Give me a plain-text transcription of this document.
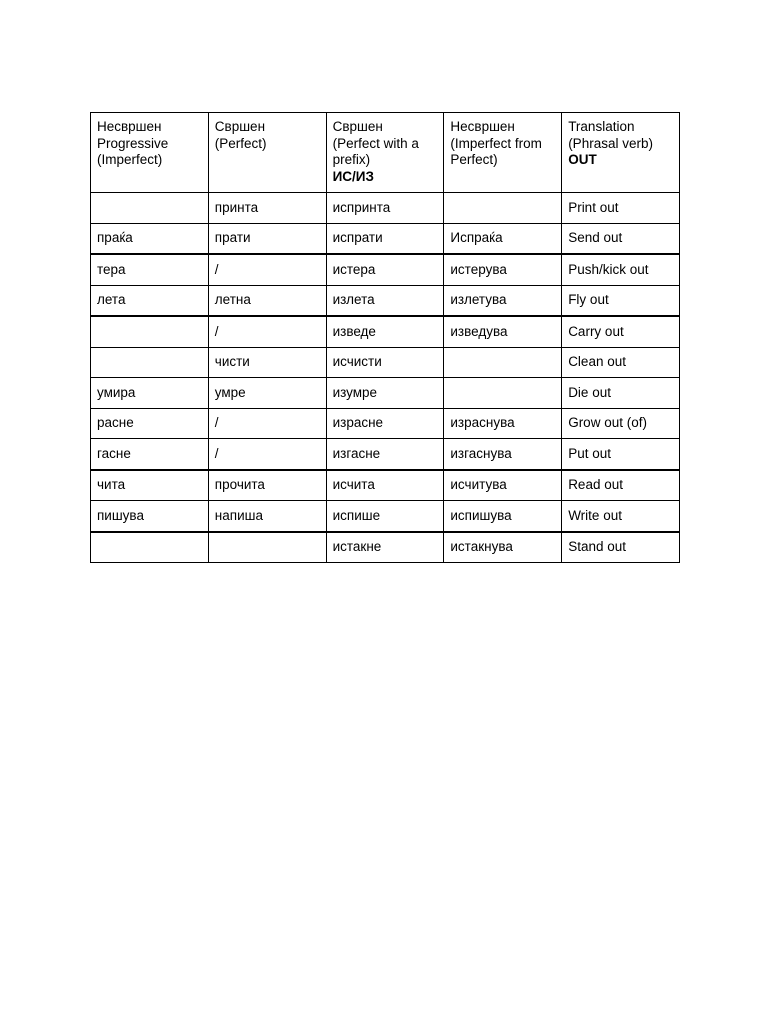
Несвршен
Progressive
(Imperfect)	Свршен
(Perfect)	Свршен
(Perfect with a
prefix)
ИС/ИЗ	Несвршен
(Imperfect from
Perfect)	Translation
(Phrasal verb)
OUT

	принта	испринта		Print out
праќа	прати	испрати	Испраќа	Send out
тера	/	истера	истерува	Push/kick out
лета	летна	излета	излетува	Fly out
	/	изведе	изведува	Carry out
	чисти	исчисти		Clean out
умира	умре	изумре		Die out
расне	/	израсне	израснува	Grow out (of)
гасне	/	изгасне	изгаснува	Put out
чита	прочита	исчита	исчитува	Read out
пишува	напиша	испише	испишува	Write out
		истакне	истакнува	Stand out
